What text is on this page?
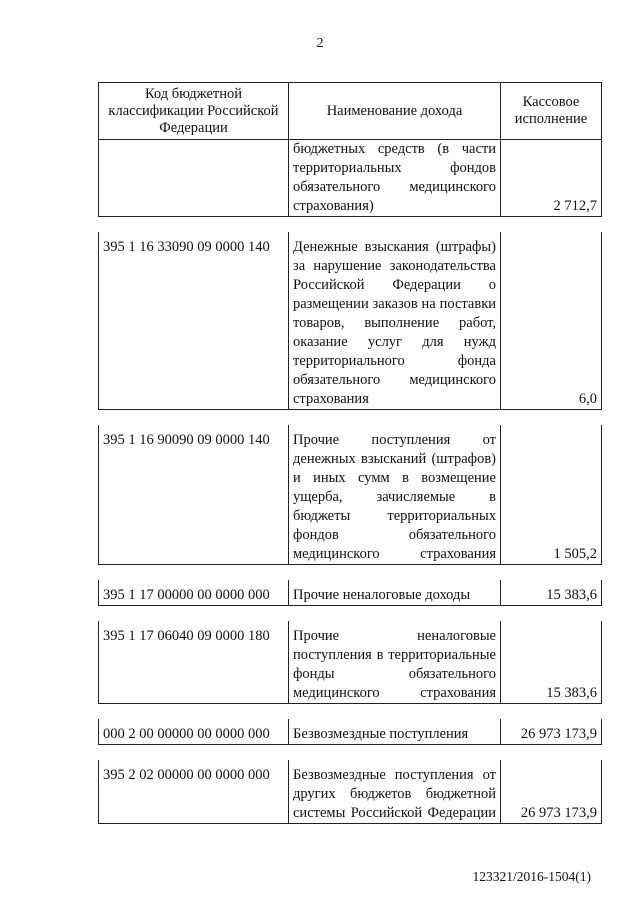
2
Код бюджетной классификации Российской Федерации	Наименование дохода	Кассовое исполнение
	бюджетных средств (в части территориальных фондов обязательного медицинского страхования)	2 712,7

395 1 16 33090 09 0000 140	Денежные взыскания (штрафы) за нарушение законодательства Российской Федерации о размещении заказов на поставки товаров, выполнение работ, оказание услуг для нужд территориального фонда обязательного медицинского страхования	6,0

395 1 16 90090 09 0000 140	Прочие поступления от денежных взысканий (штрафов) и иных сумм в возмещение ущерба, зачисляемые в бюджеты территориальных фондов обязательного медицинского страхования	1 505,2

395 1 17 00000 00 0000 000	Прочие неналоговые доходы	15 383,6

395 1 17 06040 09 0000 180	Прочие неналоговые поступления в территориальные фонды обязательного медицинского страхования	15 383,6

000 2 00 00000 00 0000 000	Безвозмездные поступления	26 973 173,9

395 2 02 00000 00 0000 000	Безвозмездные поступления от других бюджетов бюджетной системы Российской Федерации	26 973 173,9
123321/2016-1504(1)
